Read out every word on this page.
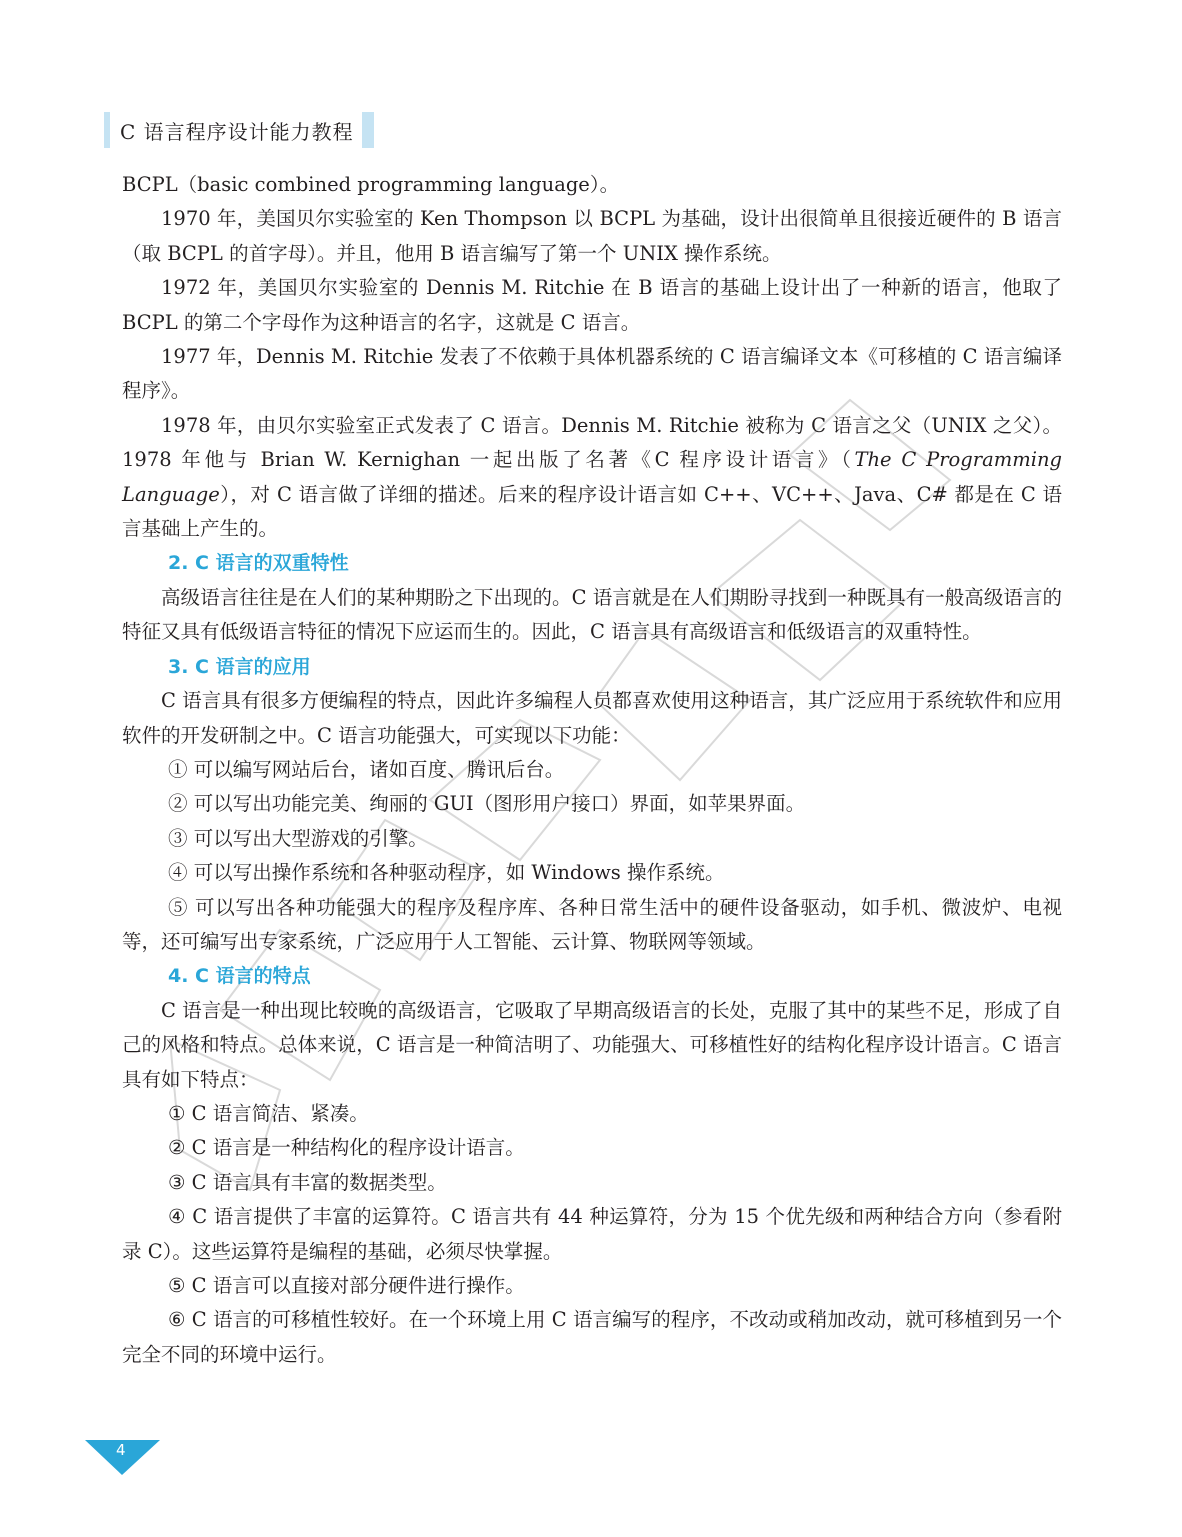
C 语言程序设计能力教程

BCPL（basic combined programming language）。

1970 年，美国贝尔实验室的 Ken Thompson 以 BCPL 为基础，设计出很简单且很接近硬件的 B 语言（取 BCPL 的首字母）。并且，他用 B 语言编写了第一个 UNIX 操作系统。

1972 年，美国贝尔实验室的 Dennis M. Ritchie 在 B 语言的基础上设计出了一种新的语言，他取了 BCPL 的第二个字母作为这种语言的名字，这就是 C 语言。

1977 年，Dennis M. Ritchie 发表了不依赖于具体机器系统的 C 语言编译文本《可移植的 C 语言编译程序》。

1978 年，由贝尔实验室正式发表了 C 语言。Dennis M. Ritchie 被称为 C 语言之父（UNIX 之父）。1978 年他与 Brian W. Kernighan 一起出版了名著《C 程序设计语言》（The C Programming Language），对 C 语言做了详细的描述。后来的程序设计语言如 C++、VC++、Java、C# 都是在 C 语言基础上产生的。

2. C 语言的双重特性

高级语言往往是在人们的某种期盼之下出现的。C 语言就是在人们期盼寻找到一种既具有一般高级语言的特征又具有低级语言特征的情况下应运而生的。因此，C 语言具有高级语言和低级语言的双重特性。

3. C 语言的应用

C 语言具有很多方便编程的特点，因此许多编程人员都喜欢使用这种语言，其广泛应用于系统软件和应用软件的开发研制之中。C 语言功能强大，可实现以下功能：

① 可以编写网站后台，诸如百度、腾讯后台。

② 可以写出功能完美、绚丽的 GUI（图形用户接口）界面，如苹果界面。

③ 可以写出大型游戏的引擎。

④ 可以写出操作系统和各种驱动程序，如 Windows 操作系统。

⑤ 可以写出各种功能强大的程序及程序库、各种日常生活中的硬件设备驱动，如手机、微波炉、电视等，还可编写出专家系统，广泛应用于人工智能、云计算、物联网等领域。

4. C 语言的特点

C 语言是一种出现比较晚的高级语言，它吸取了早期高级语言的长处，克服了其中的某些不足，形成了自己的风格和特点。总体来说，C 语言是一种简洁明了、功能强大、可移植性好的结构化程序设计语言。C 语言具有如下特点：

① C 语言简洁、紧凑。

② C 语言是一种结构化的程序设计语言。

③ C 语言具有丰富的数据类型。

④ C 语言提供了丰富的运算符。C 语言共有 44 种运算符，分为 15 个优先级和两种结合方向（参看附录 C）。这些运算符是编程的基础，必须尽快掌握。

⑤ C 语言可以直接对部分硬件进行操作。

⑥ C 语言的可移植性较好。在一个环境上用 C 语言编写的程序，不改动或稍加改动，就可移植到另一个完全不同的环境中运行。

4
